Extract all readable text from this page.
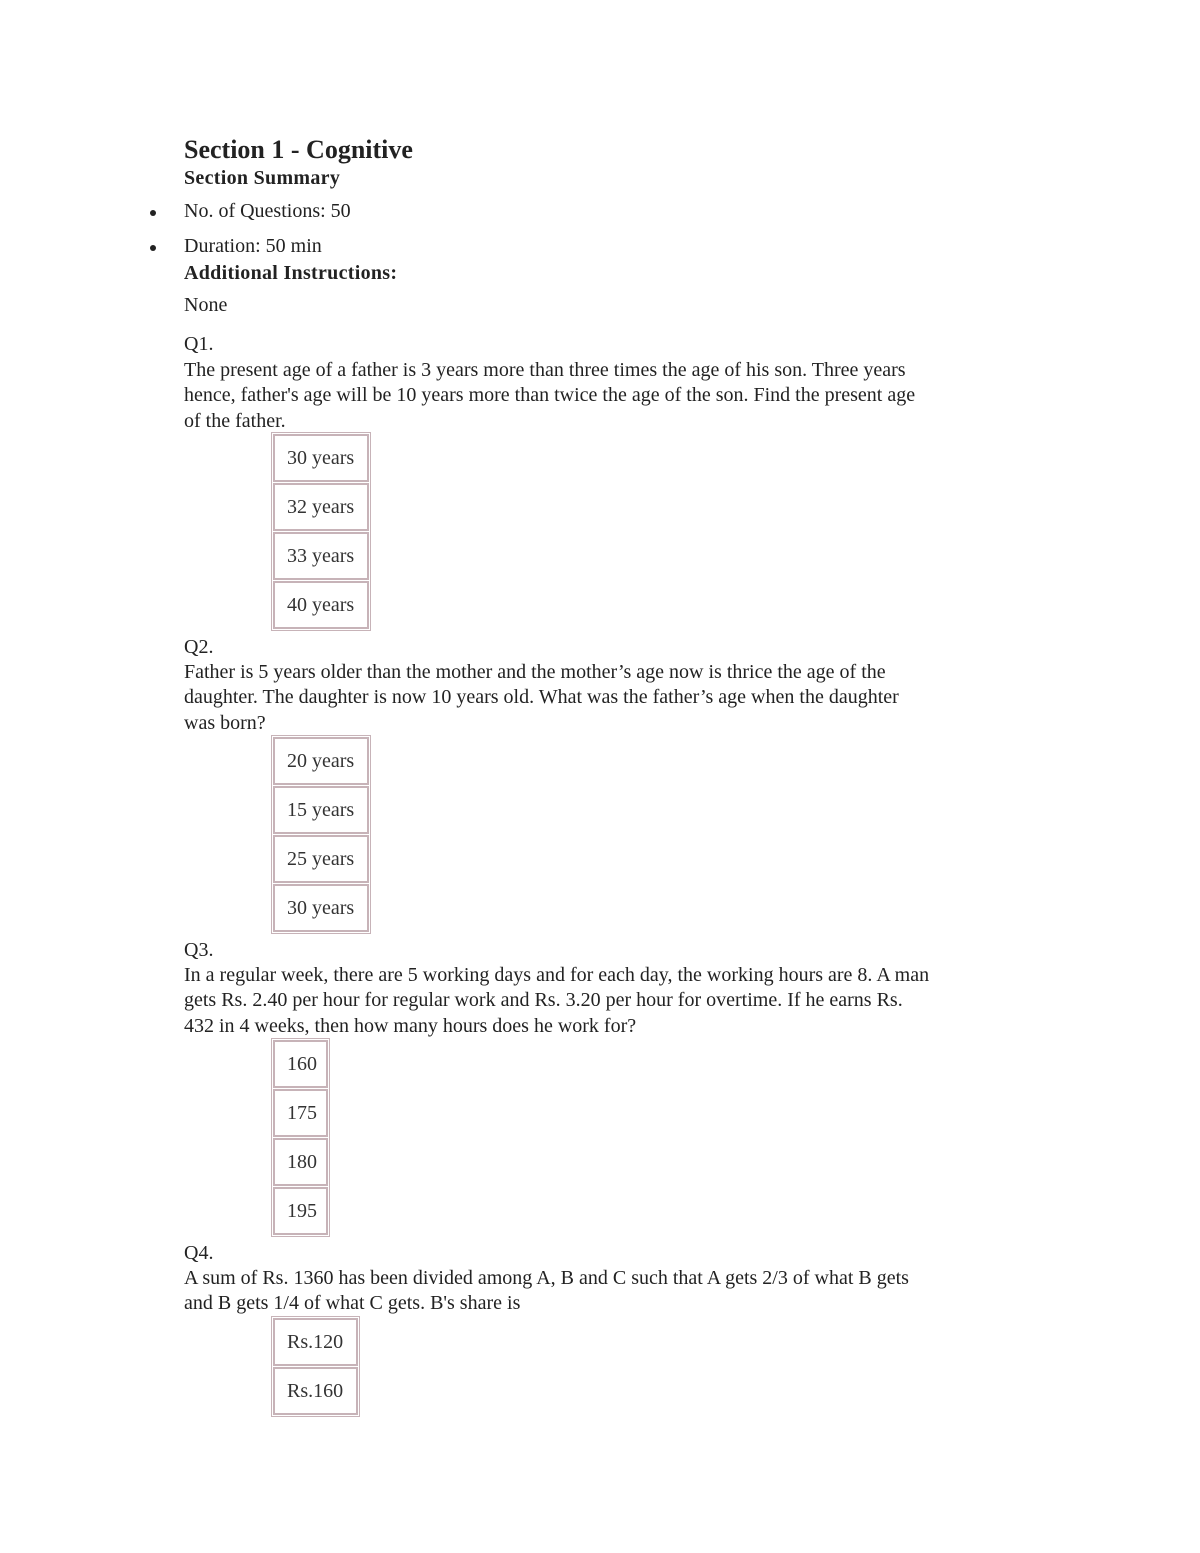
Section 1 - Cognitive
Section Summary
No. of Questions: 50
Duration: 50 min
Additional Instructions:
None
Q1.
The present age of a father is 3 years more than three times the age of his son. Three years
hence, father's age will be 10 years more than twice the age of the son. Find the present age
of the father.
30 years
32 years
33 years
40 years
Q2.
Father is 5 years older than the mother and the mother’s age now is thrice the age of the
daughter. The daughter is now 10 years old. What was the father’s age when the daughter
was born?
20 years
15 years
25 years
30 years
Q3.
In a regular week, there are 5 working days and for each day, the working hours are 8. A man
gets Rs. 2.40 per hour for regular work and Rs. 3.20 per hour for overtime. If he earns Rs.
432 in 4 weeks, then how many hours does he work for?
160
175
180
195
Q4.
A sum of Rs. 1360 has been divided among A, B and C such that A gets 2/3 of what B gets
and B gets 1/4 of what C gets. B's share is
Rs.120
Rs.160
